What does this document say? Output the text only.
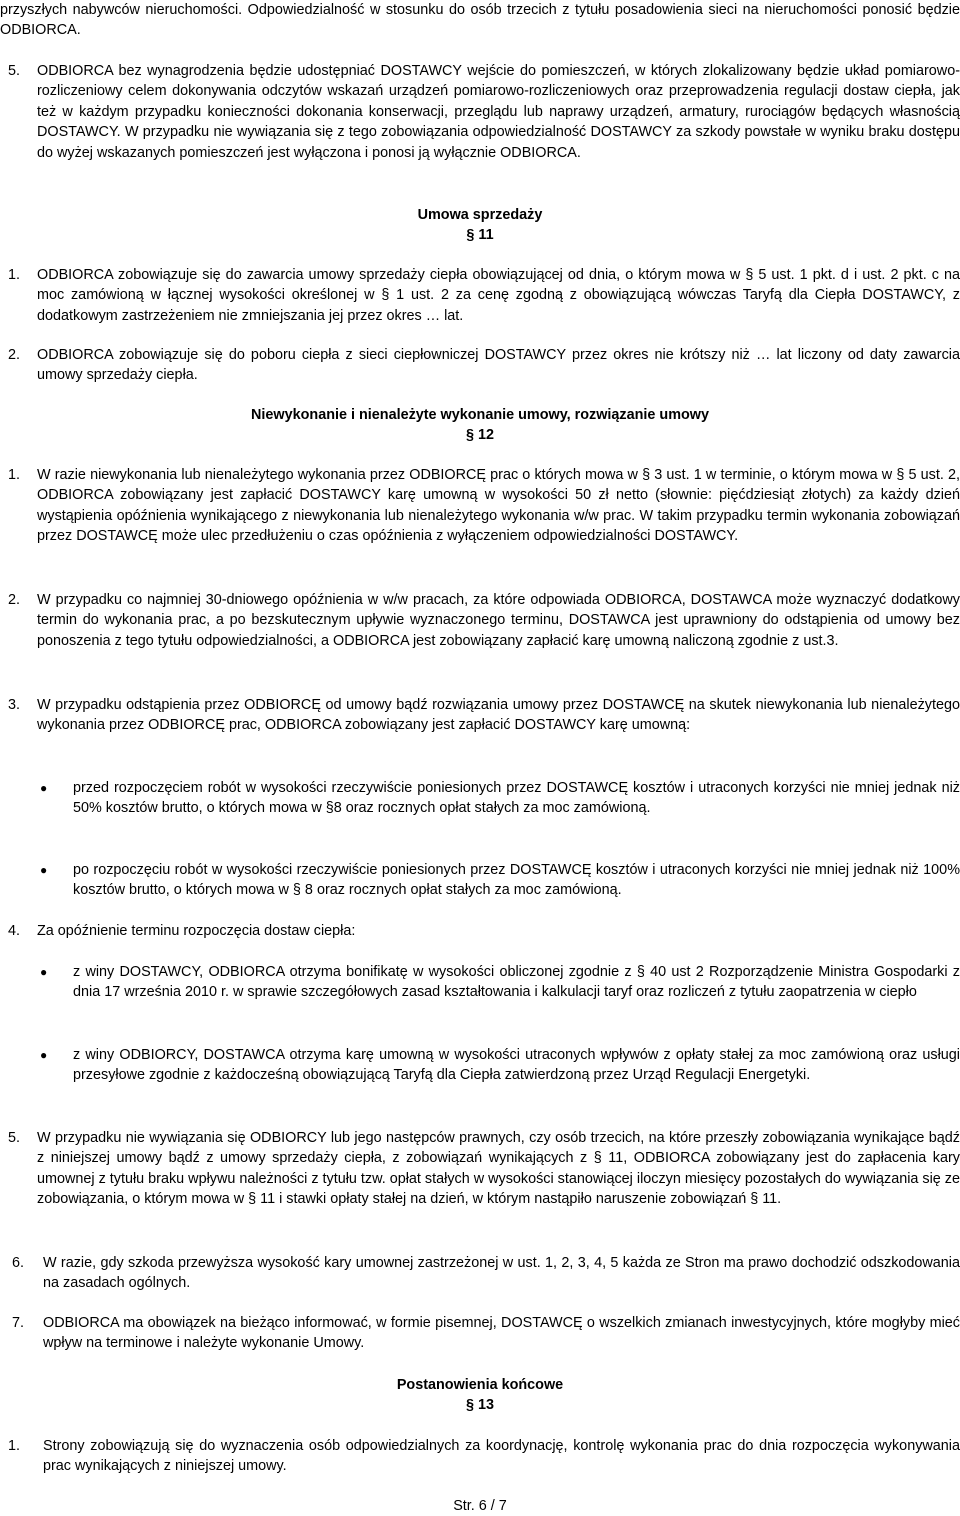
przyszłych nabywców nieruchomości. Odpowiedzialność w stosunku do osób trzecich z tytułu posadowienia sieci na nieruchomości ponosić będzie ODBIORCA.

5. ODBIORCA bez wynagrodzenia będzie udostępniać DOSTAWCY wejście do pomieszczeń, w których zlokalizowany będzie układ pomiarowo-rozliczeniowy celem dokonywania odczytów wskazań urządzeń pomiarowo-rozliczeniowych oraz przeprowadzenia regulacji dostaw ciepła, jak też w każdym przypadku konieczności dokonania konserwacji, przeglądu lub naprawy urządzeń, armatury, rurociągów będących własnością DOSTAWCY. W przypadku nie wywiązania się z tego zobowiązania odpowiedzialność DOSTAWCY za szkody powstałe w wyniku braku dostępu do wyżej wskazanych pomieszczeń jest wyłączona i ponosi ją wyłącznie ODBIORCA.

Umowa sprzedaży
§ 11
1. ODBIORCA zobowiązuje się do zawarcia umowy sprzedaży ciepła obowiązującej od dnia, o którym mowa w § 5 ust. 1 pkt. d i ust. 2 pkt. c na moc zamówioną w łącznej wysokości określonej w § 1 ust. 2 za cenę zgodną z obowiązującą wówczas Taryfą dla Ciepła DOSTAWCY, z dodatkowym zastrzeżeniem nie zmniejszania jej przez okres … lat.

2. ODBIORCA zobowiązuje się do poboru ciepła z sieci ciepłowniczej DOSTAWCY przez okres nie krótszy niż … lat liczony od daty zawarcia umowy sprzedaży ciepła.

Niewykonanie i nienależyte wykonanie umowy, rozwiązanie umowy
§ 12
1. W razie niewykonania lub nienależytego wykonania przez ODBIORCĘ prac o których mowa w § 3 ust. 1 w terminie, o którym mowa w § 5 ust. 2, ODBIORCA zobowiązany jest zapłacić DOSTAWCY karę umowną w wysokości 50 zł netto (słownie: pięćdziesiąt złotych) za każdy dzień wystąpienia opóźnienia wynikającego z niewykonania lub nienależytego wykonania w/w prac. W takim przypadku termin wykonania zobowiązań przez DOSTAWCĘ może ulec przedłużeniu o czas opóźnienia z wyłączeniem odpowiedzialności DOSTAWCY.

2. W przypadku co najmniej 30-dniowego opóźnienia w w/w pracach, za które odpowiada ODBIORCA, DOSTAWCA może wyznaczyć dodatkowy termin do wykonania prac, a po bezskutecznym upływie wyznaczonego terminu, DOSTAWCA jest uprawniony do odstąpienia od umowy bez ponoszenia z tego tytułu odpowiedzialności, a ODBIORCA jest zobowiązany zapłacić karę umowną naliczoną zgodnie z ust.3.

3. W przypadku odstąpienia przez ODBIORCĘ od umowy bądź rozwiązania umowy przez DOSTAWCĘ na skutek niewykonania lub nienależytego wykonania przez ODBIORCĘ prac, ODBIORCA zobowiązany jest zapłacić DOSTAWCY karę umowną:

● przed rozpoczęciem robót w wysokości rzeczywiście poniesionych przez DOSTAWCĘ kosztów i utraconych korzyści nie mniej jednak niż 50% kosztów brutto, o których mowa w §8 oraz rocznych opłat stałych za moc zamówioną.

● po rozpoczęciu robót w wysokości rzeczywiście poniesionych przez DOSTAWCĘ kosztów i utraconych korzyści nie mniej jednak niż 100% kosztów brutto, o których mowa w § 8 oraz rocznych opłat stałych za moc zamówioną.

4. Za opóźnienie terminu rozpoczęcia dostaw ciepła:

● z winy DOSTAWCY, ODBIORCA otrzyma bonifikatę w wysokości obliczonej zgodnie z § 40 ust 2 Rozporządzenie Ministra Gospodarki z dnia 17 września 2010 r. w sprawie szczegółowych zasad kształtowania i kalkulacji taryf oraz rozliczeń z tytułu zaopatrzenia w ciepło

● z winy ODBIORCY, DOSTAWCA otrzyma karę umowną w wysokości utraconych wpływów z opłaty stałej za moc zamówioną oraz usługi przesyłowe zgodnie z każdocześną obowiązującą Taryfą dla Ciepła zatwierdzoną przez Urząd Regulacji Energetyki.

5. W przypadku nie wywiązania się ODBIORCY lub jego następców prawnych, czy osób trzecich, na które przeszły zobowiązania wynikające bądź z niniejszej umowy bądź z umowy sprzedaży ciepła, z zobowiązań wynikających z § 11, ODBIORCA zobowiązany jest do zapłacenia kary umownej z tytułu braku wpływu należności z tytułu tzw. opłat stałych w wysokości stanowiącej iloczyn miesięcy pozostałych do wywiązania się ze zobowiązania, o którym mowa w § 11 i stawki opłaty stałej na dzień, w którym nastąpiło naruszenie zobowiązań § 11.

6. W razie, gdy szkoda przewyższa wysokość kary umownej zastrzeżonej w ust. 1, 2, 3, 4, 5 każda ze Stron ma prawo dochodzić odszkodowania na zasadach ogólnych.

7. ODBIORCA ma obowiązek na bieżąco informować, w formie pisemnej, DOSTAWCĘ o wszelkich zmianach inwestycyjnych, które mogłyby mieć wpływ na terminowe i należyte wykonanie Umowy.

Postanowienia końcowe
§ 13
1. Strony zobowiązują się do wyznaczenia osób odpowiedzialnych za koordynację, kontrolę wykonania prac do dnia rozpoczęcia wykonywania prac wynikających z niniejszej umowy.

Str. 6 / 7
